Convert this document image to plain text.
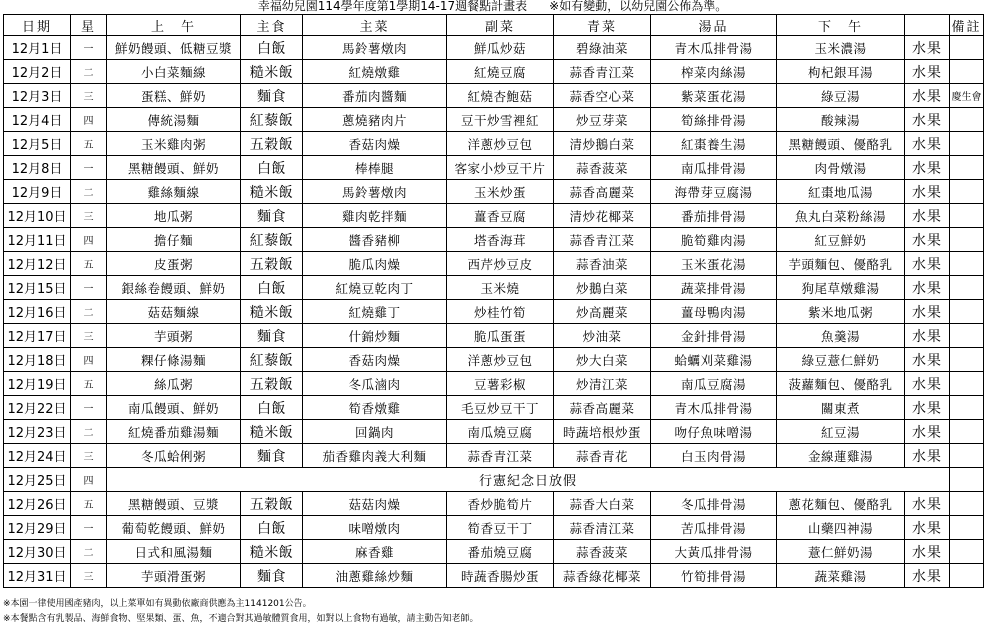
幸福幼兒園114學年度第1學期14-17週餐點計畫表 ※如有變動，以幼兒園公佈為準。
日期	星	上　午	主食	主菜	副菜	青菜	湯品	下　午		備註
12月1日	一	鮮奶饅頭、低糖豆漿	白飯	馬鈴薯燉肉	鮮瓜炒菇	碧綠油菜	青木瓜排骨湯	玉米濃湯	水果	
12月2日	二	小白菜麵線	糙米飯	紅燒燉雞	紅燒豆腐	蒜香青江菜	榨菜肉絲湯	枸杞銀耳湯	水果	
12月3日	三	蛋糕、鮮奶	麵食	番茄肉醬麵	紅燒杏鮑菇	蒜香空心菜	紫菜蛋花湯	綠豆湯	水果	慶生會
12月4日	四	傳統湯麵	紅藜飯	蔥燒豬肉片	豆干炒雪裡紅	炒豆芽菜	筍絲排骨湯	酸辣湯	水果	
12月5日	五	玉米雞肉粥	五穀飯	香菇肉燥	洋蔥炒豆包	清炒鵝白菜	紅棗養生湯	黑糖饅頭、優酪乳	水果	
12月8日	一	黑糖饅頭、鮮奶	白飯	棒棒腿	客家小炒豆干片	蒜香菠菜	南瓜排骨湯	肉骨燉湯	水果	
12月9日	二	雞絲麵線	糙米飯	馬鈴薯燉肉	玉米炒蛋	蒜香高麗菜	海帶芽豆腐湯	紅棗地瓜湯	水果	
12月10日	三	地瓜粥	麵食	雞肉乾拌麵	薑香豆腐	清炒花椰菜	番茄排骨湯	魚丸白菜粉絲湯	水果	
12月11日	四	擔仔麵	紅藜飯	醬香豬柳	塔香海茸	蒜香青江菜	脆筍雞肉湯	紅豆鮮奶	水果	
12月12日	五	皮蛋粥	五穀飯	脆瓜肉燥	西芹炒豆皮	蒜香油菜	玉米蛋花湯	芋頭麵包、優酪乳	水果	
12月15日	一	銀絲卷饅頭、鮮奶	白飯	紅燒豆乾肉丁	玉米燒	炒鵝白菜	蔬菜排骨湯	狗尾草燉雞湯	水果	
12月16日	二	菇菇麵線	糙米飯	紅燒雞丁	炒桂竹筍	炒高麗菜	薑母鴨肉湯	紫米地瓜粥	水果	
12月17日	三	芋頭粥	麵食	什錦炒麵	脆瓜蛋蛋	炒油菜	金針排骨湯	魚羹湯	水果	
12月18日	四	粿仔條湯麵	紅藜飯	香菇肉燥	洋蔥炒豆包	炒大白菜	蛤蠣刈菜雞湯	綠豆薏仁鮮奶	水果	
12月19日	五	絲瓜粥	五穀飯	冬瓜滷肉	豆薯彩椒	炒清江菜	南瓜豆腐湯	菠蘿麵包、優酪乳	水果	
12月22日	一	南瓜饅頭、鮮奶	白飯	筍香燉雞	毛豆炒豆干丁	蒜香高麗菜	青木瓜排骨湯	關東煮	水果	
12月23日	二	紅燒番茄雞湯麵	糙米飯	回鍋肉	南瓜燒豆腐	時蔬培根炒蛋	吻仔魚味噌湯	紅豆湯	水果	
12月24日	三	冬瓜蛤俐粥	麵食	茄香雞肉義大利麵	蒜香青江菜	蒜香青花	白玉肉骨湯	金線蓮雞湯	水果	
12月25日	四	行憲紀念日放假								
12月26日	五	黑糖饅頭、豆漿	五穀飯	菇菇肉燥	香炒脆筍片	蒜香大白菜	冬瓜排骨湯	蔥花麵包、優酪乳	水果	
12月29日	一	葡萄乾饅頭、鮮奶	白飯	味噌燉肉	筍香豆干丁	蒜香清江菜	苦瓜排骨湯	山藥四神湯	水果	
12月30日	二	日式和風湯麵	糙米飯	麻香雞	番茄燒豆腐	蒜香菠菜	大黃瓜排骨湯	薏仁鮮奶湯	水果	
12月31日	三	芋頭滑蛋粥	麵食	油蔥雞絲炒麵	時蔬香腸炒蛋	蒜香綠花椰菜	竹筍排骨湯	蔬菜雞湯	水果	
※本園一律使用國產豬肉，以上菜單如有異動依廠商供應為主1141201公告。
※本餐點含有乳製品、海鮮食物、堅果類、蛋、魚，不適合對其過敏體質食用，如對以上食物有過敏，請主動告知老師。
